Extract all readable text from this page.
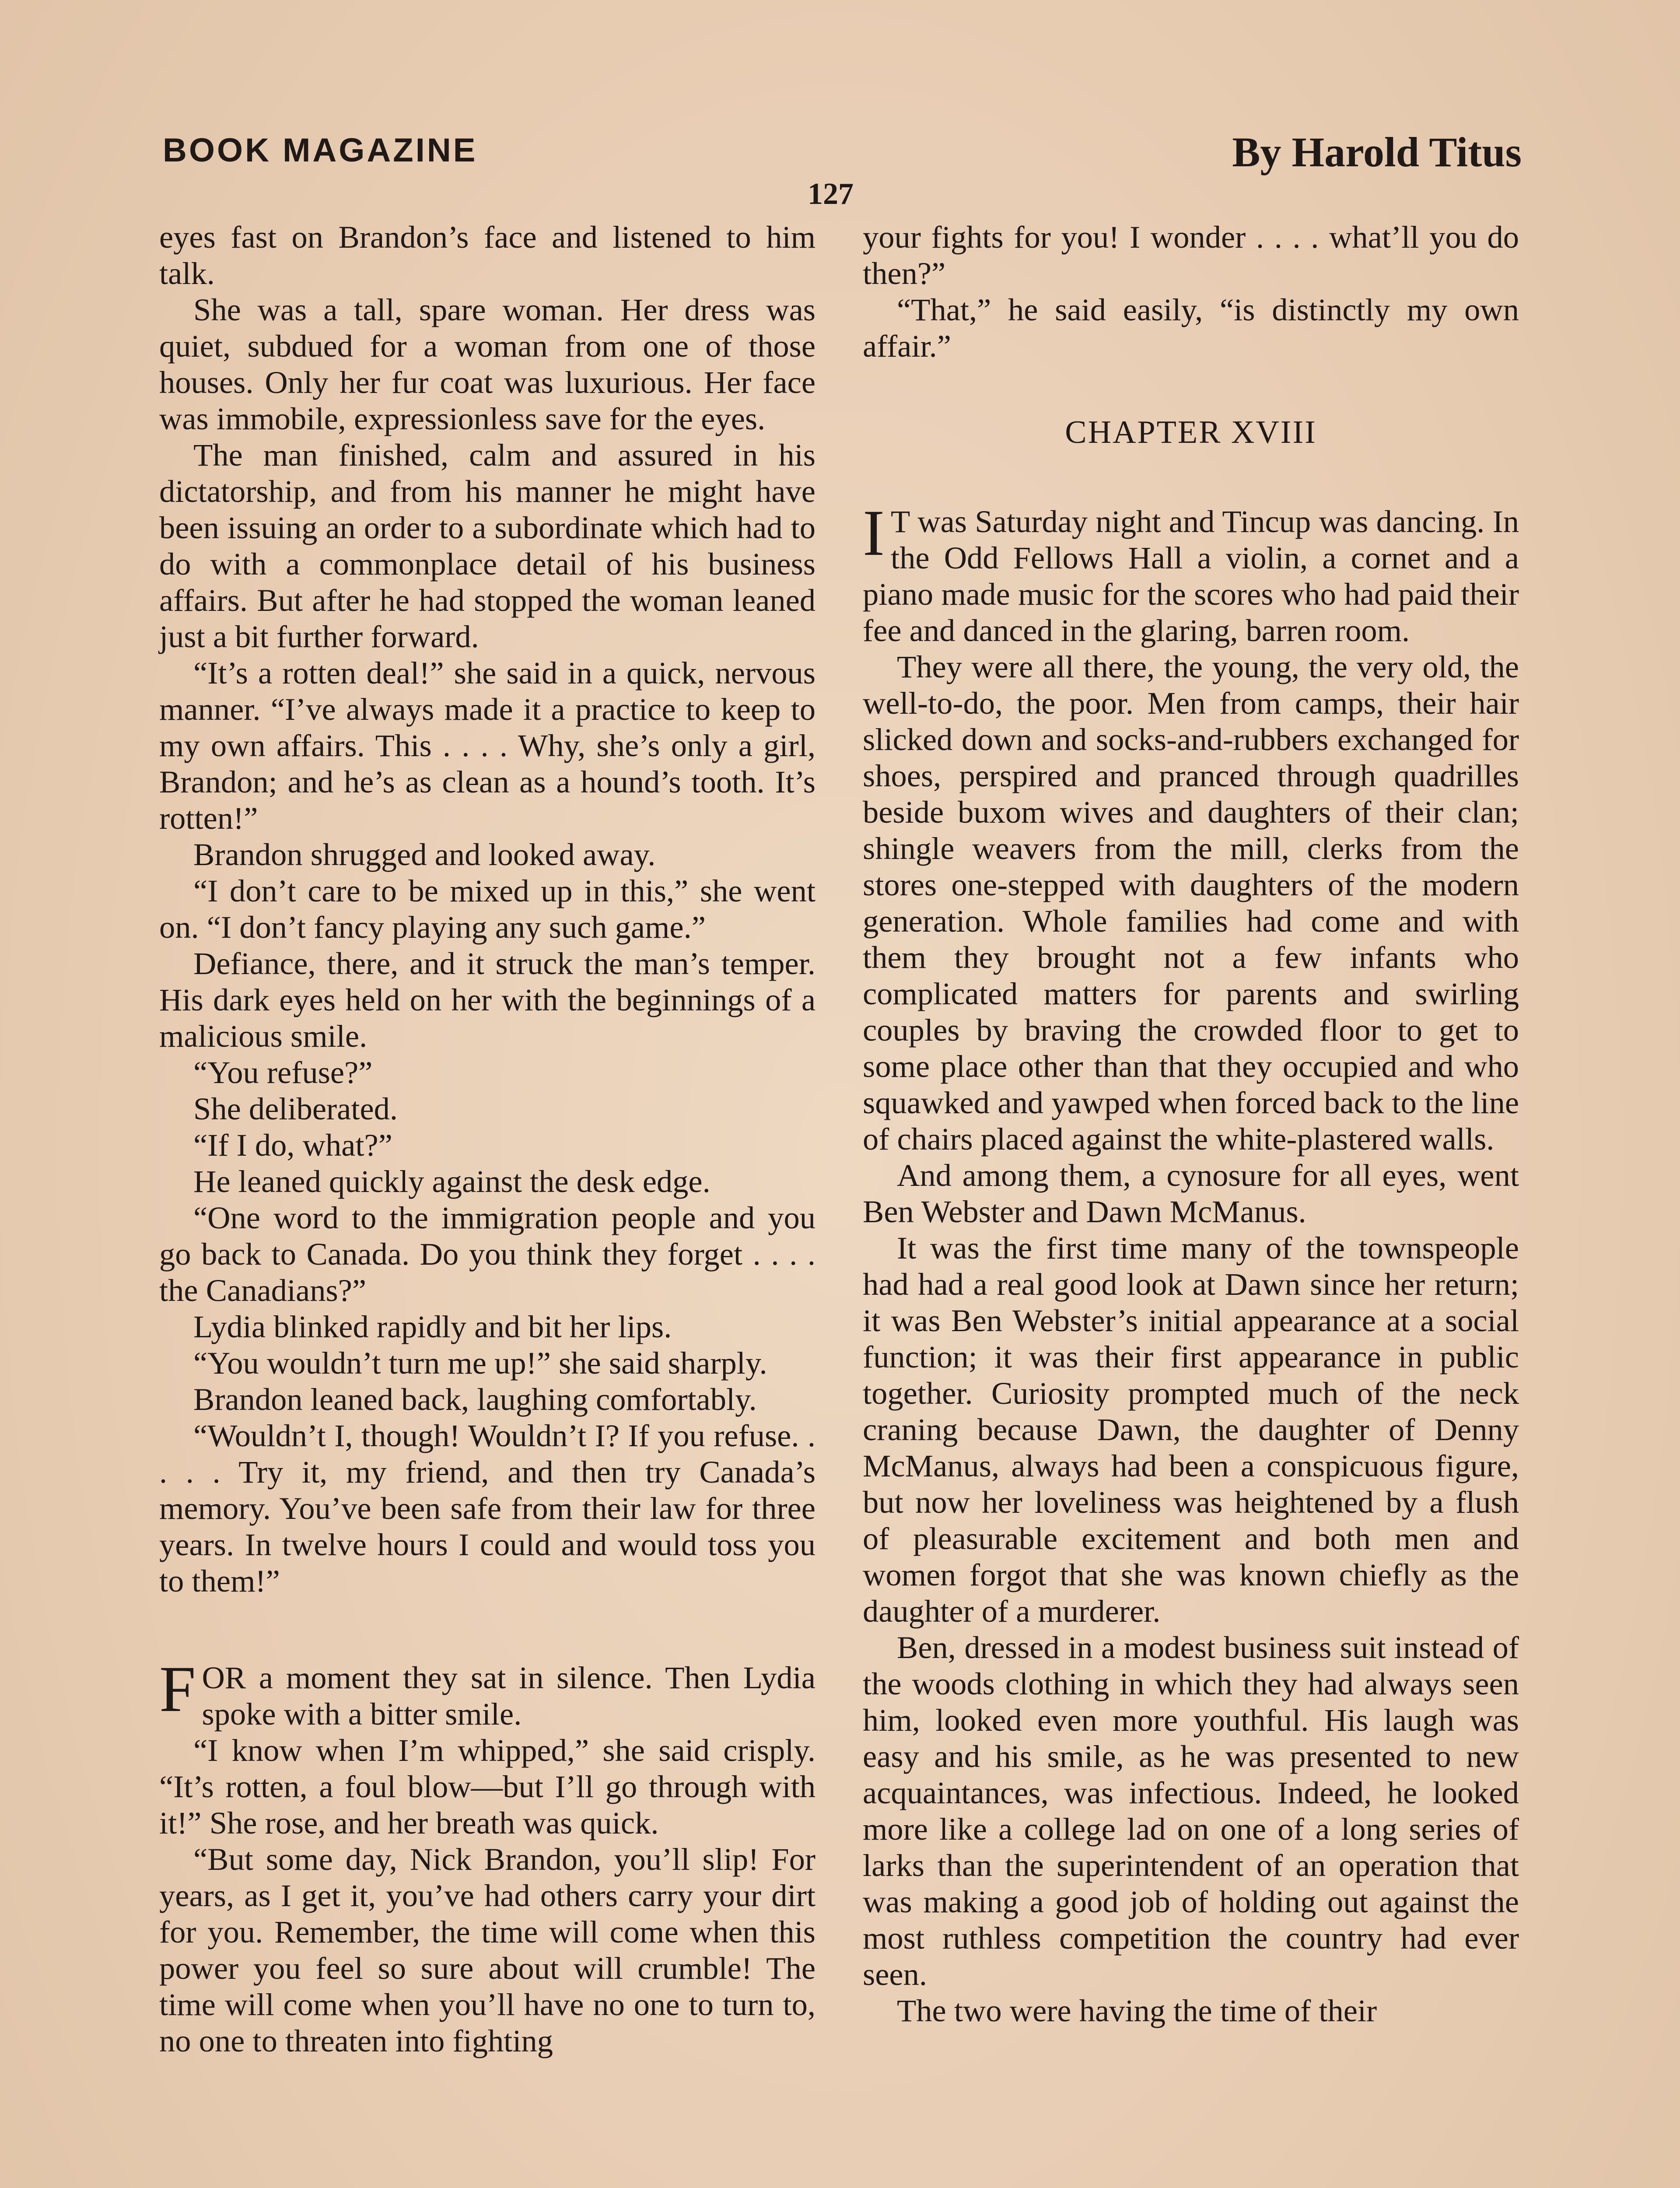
BOOK MAGAZINE	By Harold Titus
127

eyes fast on Brandon’s face and listened to him talk.

She was a tall, spare woman. Her dress was quiet, subdued for a woman from one of those houses. Only her fur coat was luxurious. Her face was immobile, expressionless save for the eyes.

The man finished, calm and assured in his dictatorship, and from his manner he might have been issuing an order to a subordinate which had to do with a commonplace detail of his business affairs. But after he had stopped the woman leaned just a bit further forward.

“It’s a rotten deal!” she said in a quick, nervous manner. “I’ve always made it a practice to keep to my own affairs. This . . . . Why, she’s only a girl, Brandon; and he’s as clean as a hound’s tooth. It’s rotten!”

Brandon shrugged and looked away.

“I don’t care to be mixed up in this,” she went on. “I don’t fancy playing any such game.”

Defiance, there, and it struck the man’s temper. His dark eyes held on her with the beginnings of a malicious smile.

“You refuse?”

She deliberated.

“If I do, what?”

He leaned quickly against the desk edge.

“One word to the immigration people and you go back to Canada. Do you think they forget . . . . the Canadians?”

Lydia blinked rapidly and bit her lips.

“You wouldn’t turn me up!” she said sharply.

Brandon leaned back, laughing comfortably.

“Wouldn’t I, though! Wouldn’t I? If you refuse. . . . . Try it, my friend, and then try Canada’s memory. You’ve been safe from their law for three years. In twelve hours I could and would toss you to them!”

FOR a moment they sat in silence. Then Lydia spoke with a bitter smile.

“I know when I’m whipped,” she said crisply. “It’s rotten, a foul blow—but I’ll go through with it!” She rose, and her breath was quick.

“But some day, Nick Brandon, you’ll slip! For years, as I get it, you’ve had others carry your dirt for you. Remember, the time will come when this power you feel so sure about will crumble! The time will come when you’ll have no one to turn to, no one to threaten into fighting

your fights for you! I wonder . . . . what’ll you do then?”

“That,” he said easily, “is distinctly my own affair.”

CHAPTER XVIII

I T was Saturday night and Tincup was dancing. In the Odd Fellows Hall a violin, a cornet and a piano made music for the scores who had paid their fee and danced in the glaring, barren room.

They were all there, the young, the very old, the well-to-do, the poor. Men from camps, their hair slicked down and socks-and-rubbers exchanged for shoes, perspired and pranced through quadrilles beside buxom wives and daughters of their clan; shingle weavers from the mill, clerks from the stores one-stepped with daughters of the modern generation. Whole families had come and with them they brought not a few infants who complicated matters for parents and swirling couples by braving the crowded floor to get to some place other than that they occupied and who squawked and yawped when forced back to the line of chairs placed against the white-plastered walls.

And among them, a cynosure for all eyes, went Ben Webster and Dawn McManus.

It was the first time many of the townspeople had had a real good look at Dawn since her return; it was Ben Webster’s initial appearance at a social function; it was their first appearance in public together. Curiosity prompted much of the neck craning because Dawn, the daughter of Denny McManus, always had been a conspicuous figure, but now her loveliness was heightened by a flush of pleasurable excitement and both men and women forgot that she was known chiefly as the daughter of a murderer.

Ben, dressed in a modest business suit instead of the woods clothing in which they had always seen him, looked even more youthful. His laugh was easy and his smile, as he was presented to new acquaintances, was infectious. Indeed, he looked more like a college lad on one of a long series of larks than the superintendent of an operation that was making a good job of holding out against the most ruthless competition the country had ever seen.

The two were having the time of their
